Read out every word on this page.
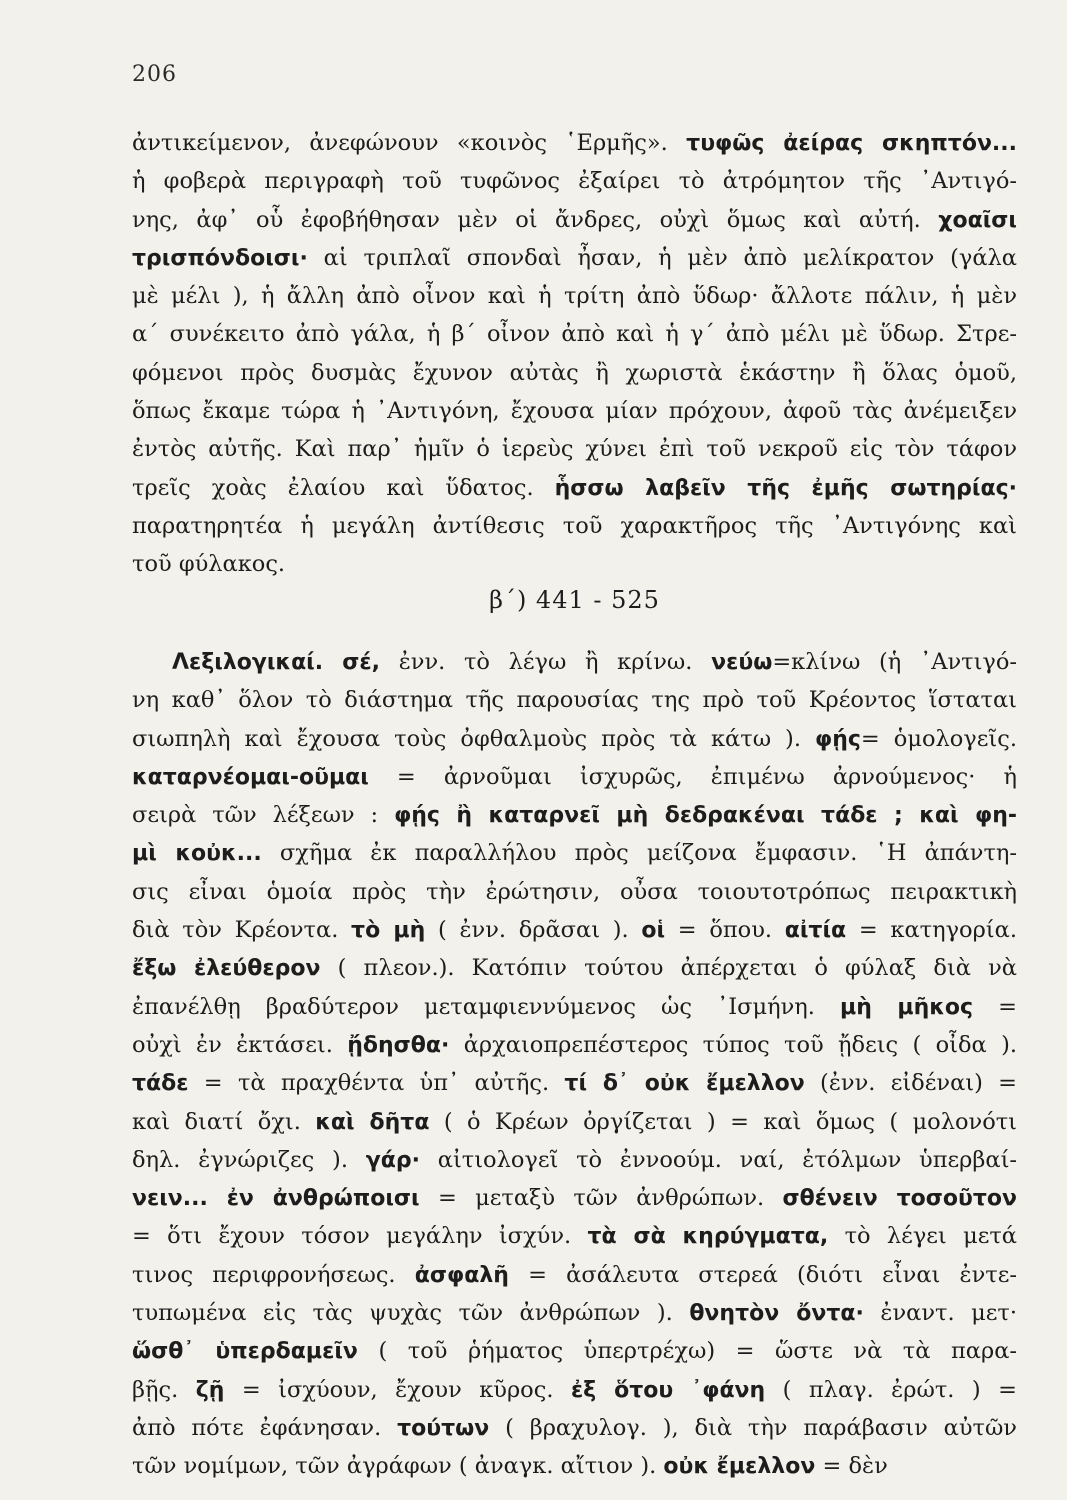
206
ἀντικείμενον, ἀνεφώνουν «κοινὸς ῾Ερμῆς». τυφῶς ἀείρας σκηπτόν...
ἡ φοβερὰ περιγραφὴ τοῦ τυφῶνος ἐξαίρει τὸ ἀτρόμητον τῆς ᾿Αντιγό-
νης, ἀφ᾿ οὗ ἐφοβήθησαν μὲν οἱ ἄνδρες, οὐχὶ ὅμως καὶ αὐτή. χοαῖσι
τρισπόνδοισι· αἱ τριπλαῖ σπονδαὶ ἦσαν, ἡ μὲν ἀπὸ μελίκρατον (γάλα
μὲ μέλι ), ἡ ἄλλη ἀπὸ οἶνον καὶ ἡ τρίτη ἀπὸ ὕδωρ· ἄλλοτε πάλιν, ἡ μὲν
α΄ συνέκειτο ἀπὸ γάλα, ἡ β΄ οἶνον ἀπὸ καὶ ἡ γ΄ ἀπὸ μέλι μὲ ὕδωρ. Στρε-
φόμενοι πρὸς δυσμὰς ἔχυνον αὐτὰς ἢ χωριστὰ ἑκάστην ἢ ὅλας ὁμοῦ,
ὅπως ἔκαμε τώρα ἡ ᾿Αντιγόνη, ἔχουσα μίαν πρόχουν, ἀφοῦ τὰς ἀνέμειξεν
ἐντὸς αὐτῆς. Καὶ παρ᾿ ἡμῖν ὁ ἱερεὺς χύνει ἐπὶ τοῦ νεκροῦ εἰς τὸν τάφον
τρεῖς χοὰς ἐλαίου καὶ ὕδατος. ἧσσω λαβεῖν τῆς ἐμῆς σωτηρίας·
παρατηρητέα ἡ μεγάλη ἀντίθεσις τοῦ χαρακτῆρος τῆς ᾿Αντιγόνης καὶ
τοῦ φύλακος.
β΄) 441 - 525
Λεξιλογικαί. σέ, ἐνν. τὸ λέγω ἢ κρίνω. νεύω=κλίνω (ἡ ᾿Αντιγό-
νη καθ᾿ ὅλον τὸ διάστημα τῆς παρουσίας της πρὸ τοῦ Κρέοντος ἵσταται
σιωπηλὴ καὶ ἔχουσα τοὺς ὀφθαλμοὺς πρὸς τὰ κάτω ). φῄς= ὁμολογεῖς.
καταρνέομαι-οῦμαι = ἀρνοῦμαι ἰσχυρῶς, ἐπιμένω ἀρνούμενος· ἡ
σειρὰ τῶν λέξεων : φῄς ἢ καταρνεῖ μὴ δεδρακέναι τάδε ; καὶ φη-
μὶ κοὐκ... σχῆμα ἐκ παραλλήλου πρὸς μείζονα ἔμφασιν. ῾Η ἀπάντη-
σις εἶναι ὁμοία πρὸς τὴν ἐρώτησιν, οὖσα τοιουτοτρόπως πειρακτικὴ
διὰ τὸν Κρέοντα. τὸ μὴ ( ἐνν. δρᾶσαι ). οἱ = ὅπου. αἰτία = κατηγορία.
ἔξω ἐλεύθερον ( πλεον.). Κατόπιν τούτου ἀπέρχεται ὁ φύλαξ διὰ νὰ
ἐπανέλθῃ βραδύτερον μεταμφιεννύμενος ὡς ᾿Ισμήνη. μὴ μῆκος =
οὐχὶ ἐν ἐκτάσει. ᾔδησθα· ἀρχαιοπρεπέστερος τύπος τοῦ ᾔδεις ( οἶδα ).
τάδε = τὰ πραχθέντα ὑπ᾿ αὐτῆς. τί δ᾿ οὐκ ἔμελλον (ἐνν. εἰδέναι) =
καὶ διατί ὄχι. καὶ δῆτα ( ὁ Κρέων ὀργίζεται ) = καὶ ὅμως ( μολονότι
δηλ. ἐγνώριζες ). γάρ· αἰτιολογεῖ τὸ ἐννοούμ. ναί, ἐτόλμων ὑπερβαί-
νειν... ἐν ἀνθρώποισι = μεταξὺ τῶν ἀνθρώπων. σθένειν τοσοῦτον
= ὅτι ἔχουν τόσον μεγάλην ἰσχύν. τὰ σὰ κηρύγματα, τὸ λέγει μετά
τινος περιφρονήσεως. ἀσφαλῆ = ἀσάλευτα στερεά (διότι εἶναι ἐντε-
τυπωμένα εἰς τὰς ψυχὰς τῶν ἀνθρώπων ). θνητὸν ὄντα· ἐναντ. μετ·
ὥσθ᾿ ὑπερδαμεῖν ( τοῦ ῥήματος ὑπερτρέχω) = ὥστε νὰ τὰ παρα-
βῇς. ζῇ = ἰσχύουν, ἔχουν κῦρος. ἐξ ὅτου ᾿φάνη ( πλαγ. ἐρώτ. ) =
ἀπὸ πότε ἐφάνησαν. τούτων ( βραχυλογ. ), διὰ τὴν παράβασιν αὐτῶν
τῶν νομίμων, τῶν ἀγράφων ( ἀναγκ. αἴτιον ). οὐκ ἔμελλον = δὲν
